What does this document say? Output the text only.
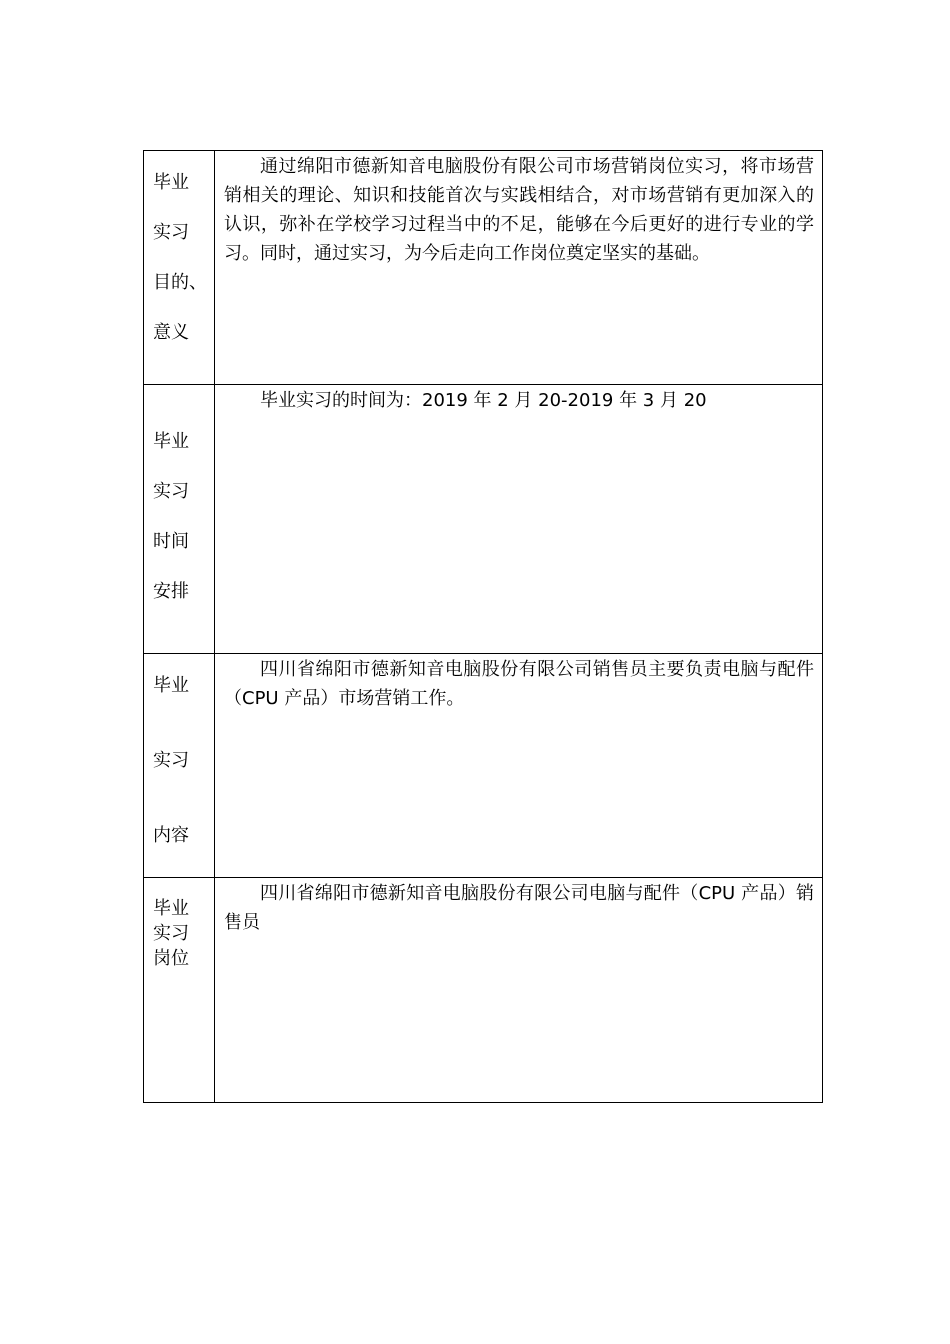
毕业
实习
目的、
意义	通过绵阳市德新知音电脑股份有限公司市场营销岗位实习，将市场营销相关的理论、知识和技能首次与实践相结合，对市场营销有更加深入的认识，弥补在学校学习过程当中的不足，能够在今后更好的进行专业的学习。同时，通过实习，为今后走向工作岗位奠定坚实的基础。

毕业
实习
时间
安排	毕业实习的时间为：2019 年 2 月 20-2019 年 3 月 20

毕业
实习
内容	四川省绵阳市德新知音电脑股份有限公司销售员主要负责电脑与配件（CPU 产品）市场营销工作。

毕业
实习
岗位	四川省绵阳市德新知音电脑股份有限公司电脑与配件（CPU 产品）销售员
